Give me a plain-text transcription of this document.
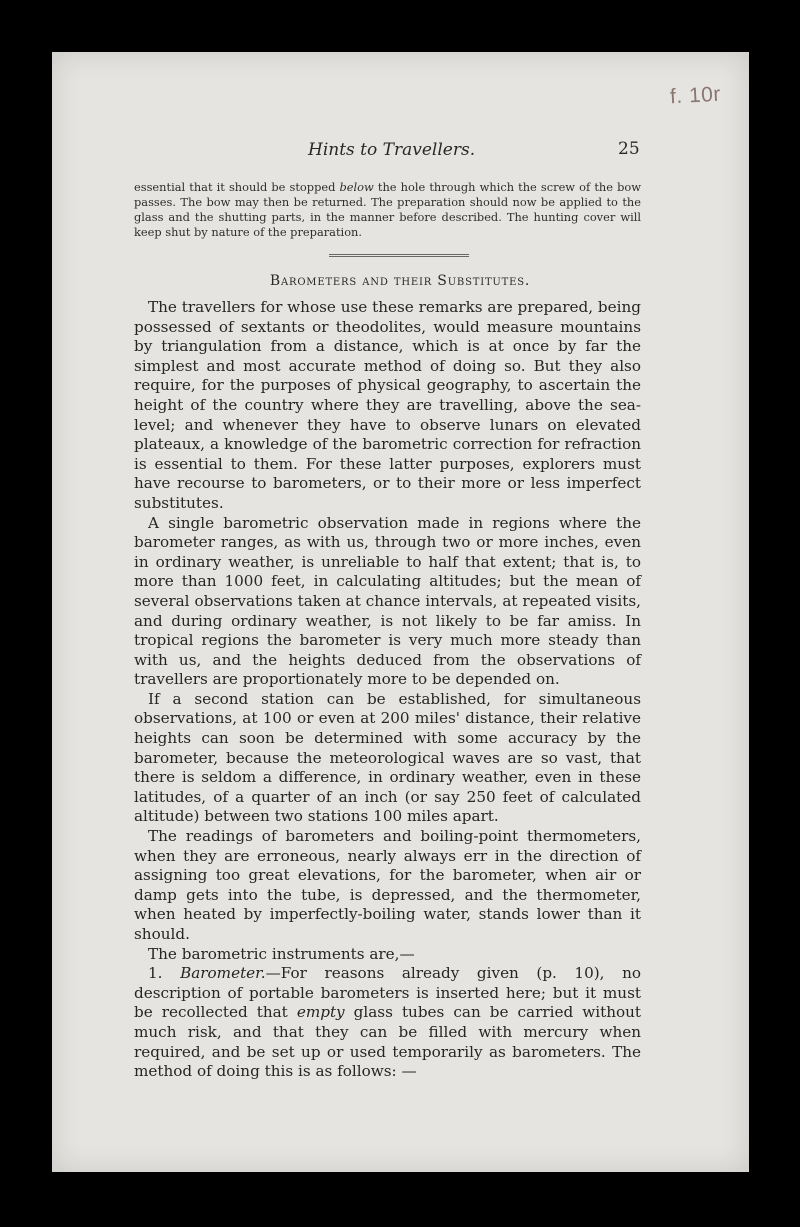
f. 10r
Hints to Travellers.	25
essential that it should be stopped below the hole through which the screw of the bow passes. The bow may then be returned. The preparation should now be applied to the glass and the shutting parts, in the manner before described. The hunting cover will keep shut by nature of the preparation.
Barometers and their Substitutes.

The travellers for whose use these remarks are prepared, being possessed of sextants or theodolites, would measure mountains by triangulation from a distance, which is at once by far the simplest and most accurate method of doing so. But they also require, for the purposes of physical geography, to ascertain the height of the country where they are travelling, above the sea-level; and whenever they have to observe lunars on elevated plateaux, a knowledge of the barometric correction for refraction is essential to them. For these latter purposes, explorers must have recourse to barometers, or to their more or less imperfect substitutes.

A single barometric observation made in regions where the barometer ranges, as with us, through two or more inches, even in ordinary weather, is unreliable to half that extent; that is, to more than 1000 feet, in calculating altitudes; but the mean of several observations taken at chance intervals, at repeated visits, and during ordinary weather, is not likely to be far amiss. In tropical regions the barometer is very much more steady than with us, and the heights deduced from the observations of travellers are proportionately more to be depended on.

If a second station can be established, for simultaneous observations, at 100 or even at 200 miles' distance, their relative heights can soon be determined with some accuracy by the barometer, because the meteorological waves are so vast, that there is seldom a difference, in ordinary weather, even in these latitudes, of a quarter of an inch (or say 250 feet of calculated altitude) between two stations 100 miles apart.

The readings of barometers and boiling-point thermometers, when they are erroneous, nearly always err in the direction of assigning too great elevations, for the barometer, when air or damp gets into the tube, is depressed, and the thermometer, when heated by imperfectly-boiling water, stands lower than it should.

The barometric instruments are,—

1. Barometer.—For reasons already given (p. 10), no description of portable barometers is inserted here; but it must be recollected that empty glass tubes can be carried without much risk, and that they can be filled with mercury when required, and be set up or used temporarily as barometers. The method of doing this is as follows: —
